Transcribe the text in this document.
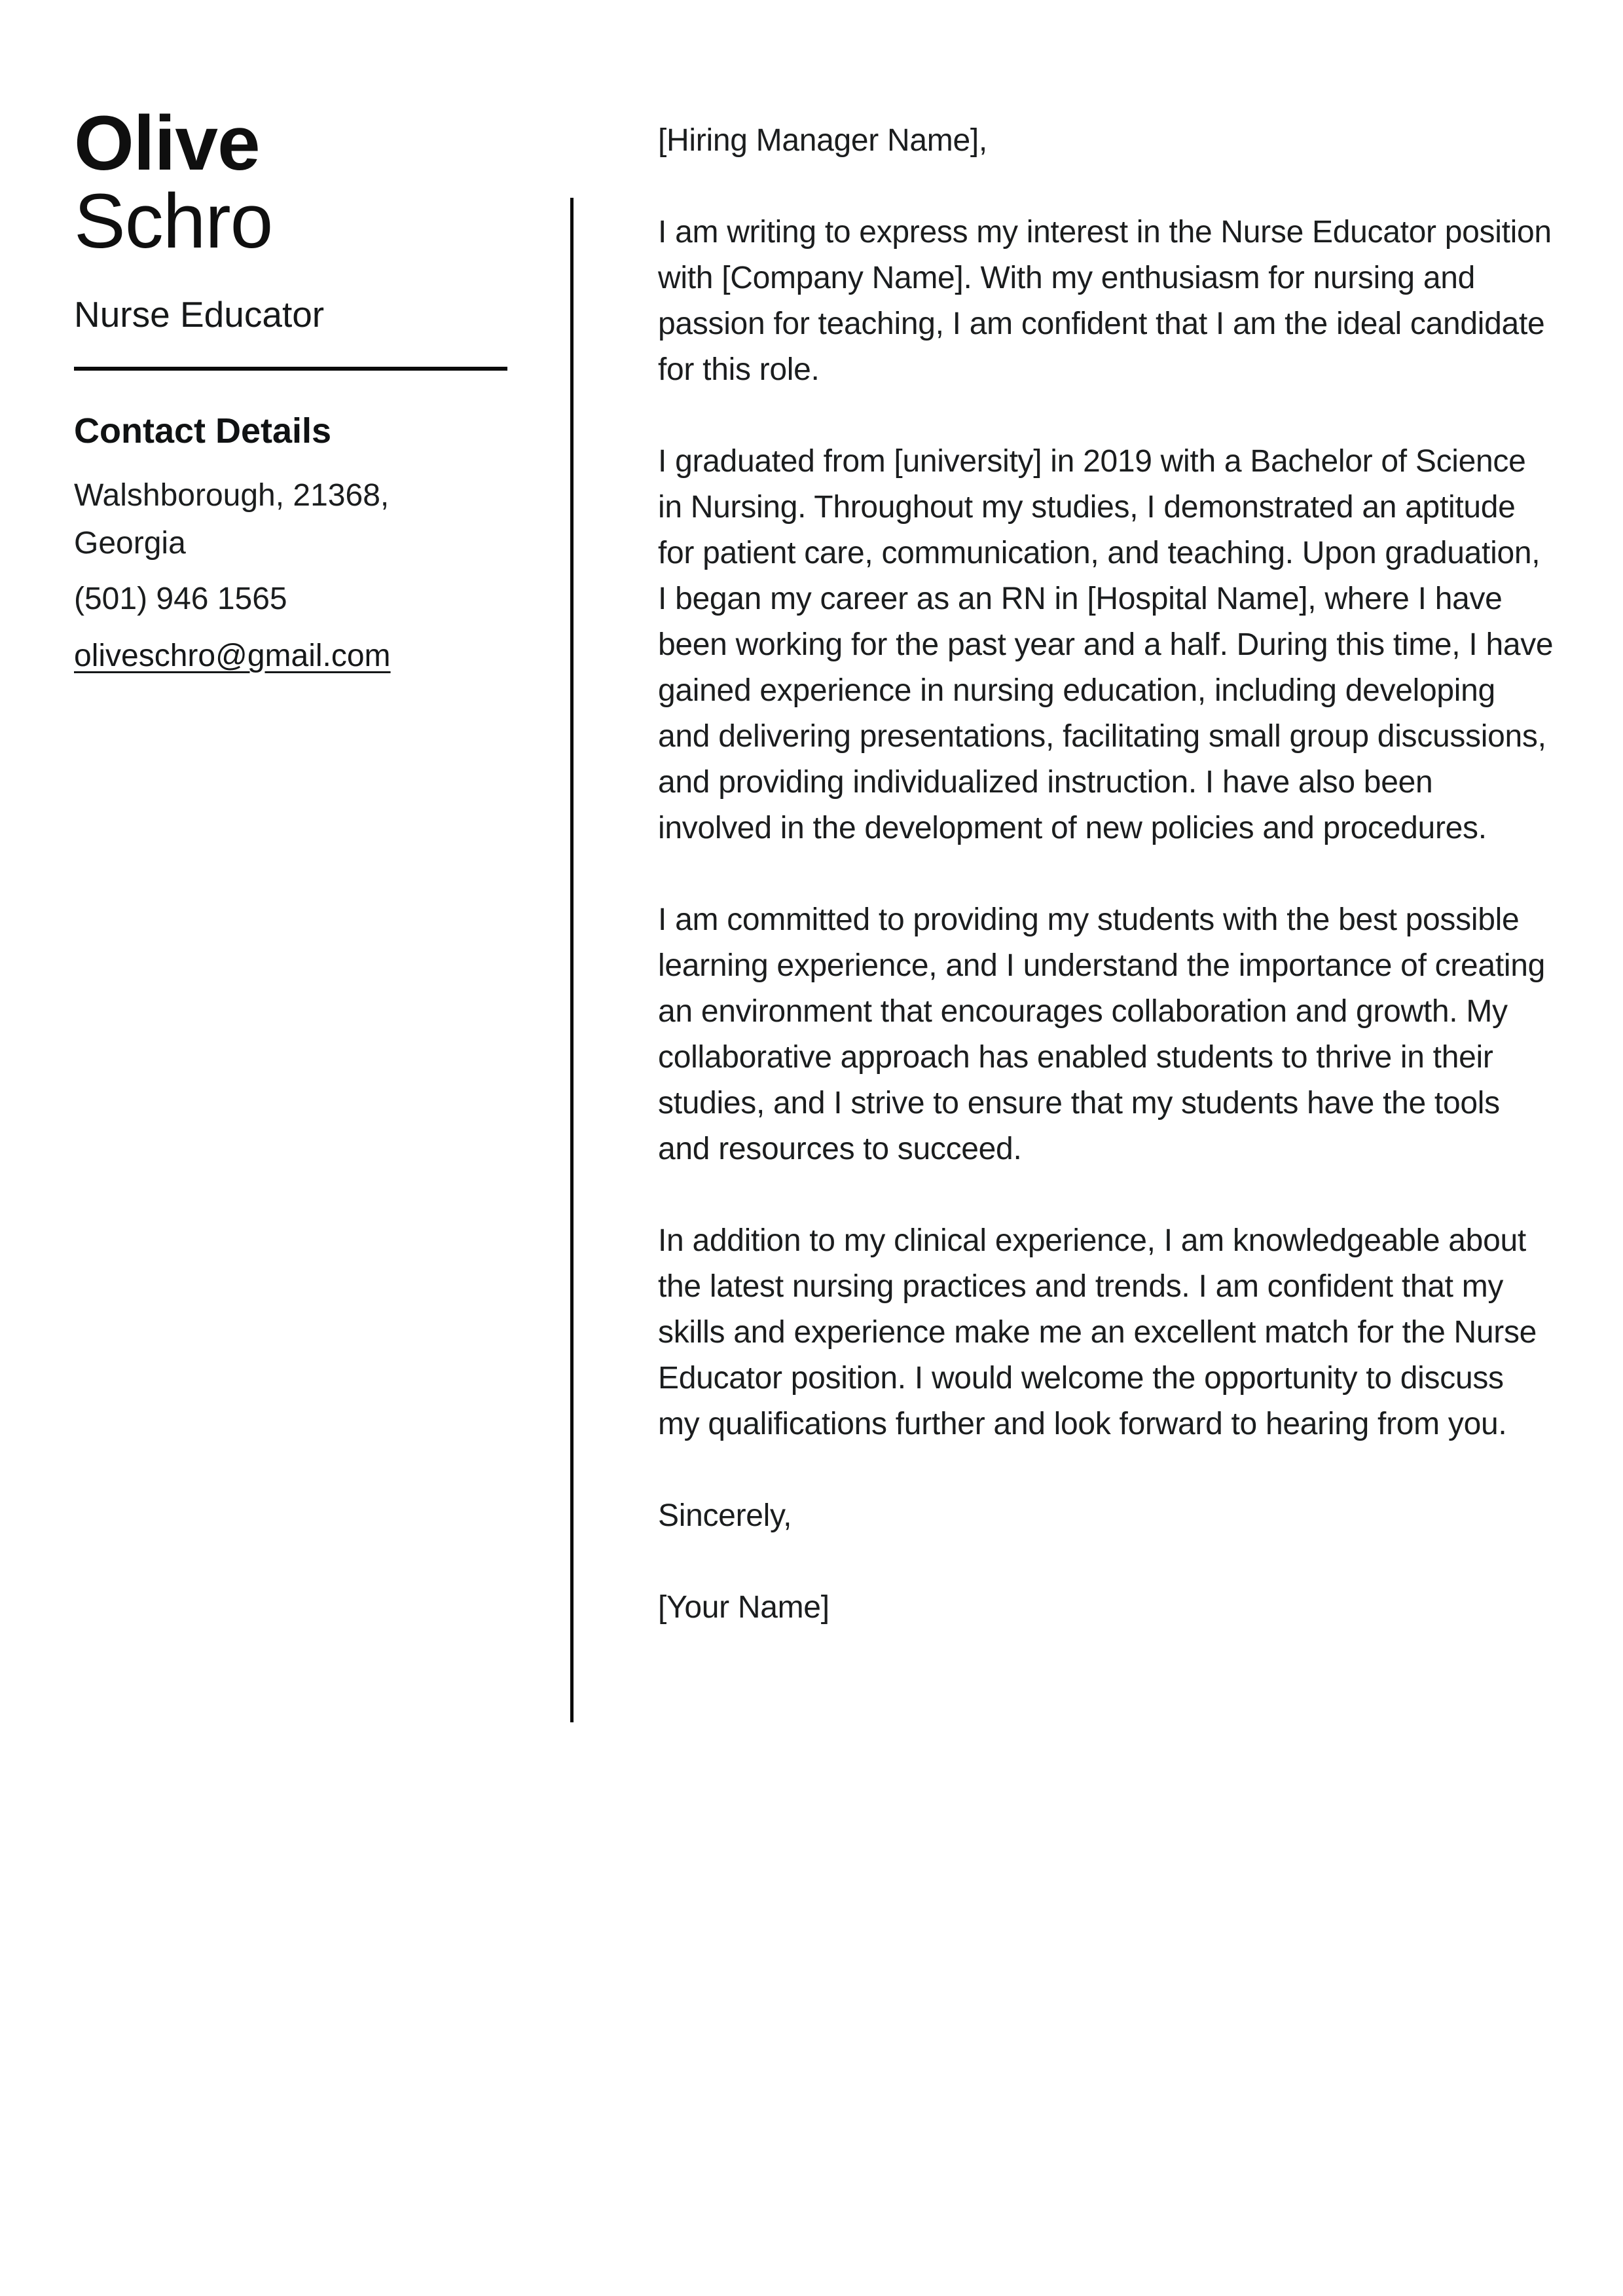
Olive
Schro
Nurse Educator
Contact Details
Walshborough, 21368,
Georgia
(501) 946 1565
oliveschro@gmail.com

[Hiring Manager Name],

I am writing to express my interest in the Nurse Educator position with [Company Name]. With my enthusiasm for nursing and passion for teaching, I am confident that I am the ideal candidate for this role.

I graduated from [university] in 2019 with a Bachelor of Science in Nursing. Throughout my studies, I demonstrated an aptitude for patient care, communication, and teaching. Upon graduation, I began my career as an RN in [Hospital Name], where I have been working for the past year and a half. During this time, I have gained experience in nursing education, including developing and delivering presentations, facilitating small group discussions, and providing individualized instruction. I have also been involved in the development of new policies and procedures.

I am committed to providing my students with the best possible learning experience, and I understand the importance of creating an environment that encourages collaboration and growth. My collaborative approach has enabled students to thrive in their studies, and I strive to ensure that my students have the tools and resources to succeed.

In addition to my clinical experience, I am knowledgeable about the latest nursing practices and trends. I am confident that my skills and experience make me an excellent match for the Nurse Educator position. I would welcome the opportunity to discuss my qualifications further and look forward to hearing from you.

Sincerely,

[Your Name]
